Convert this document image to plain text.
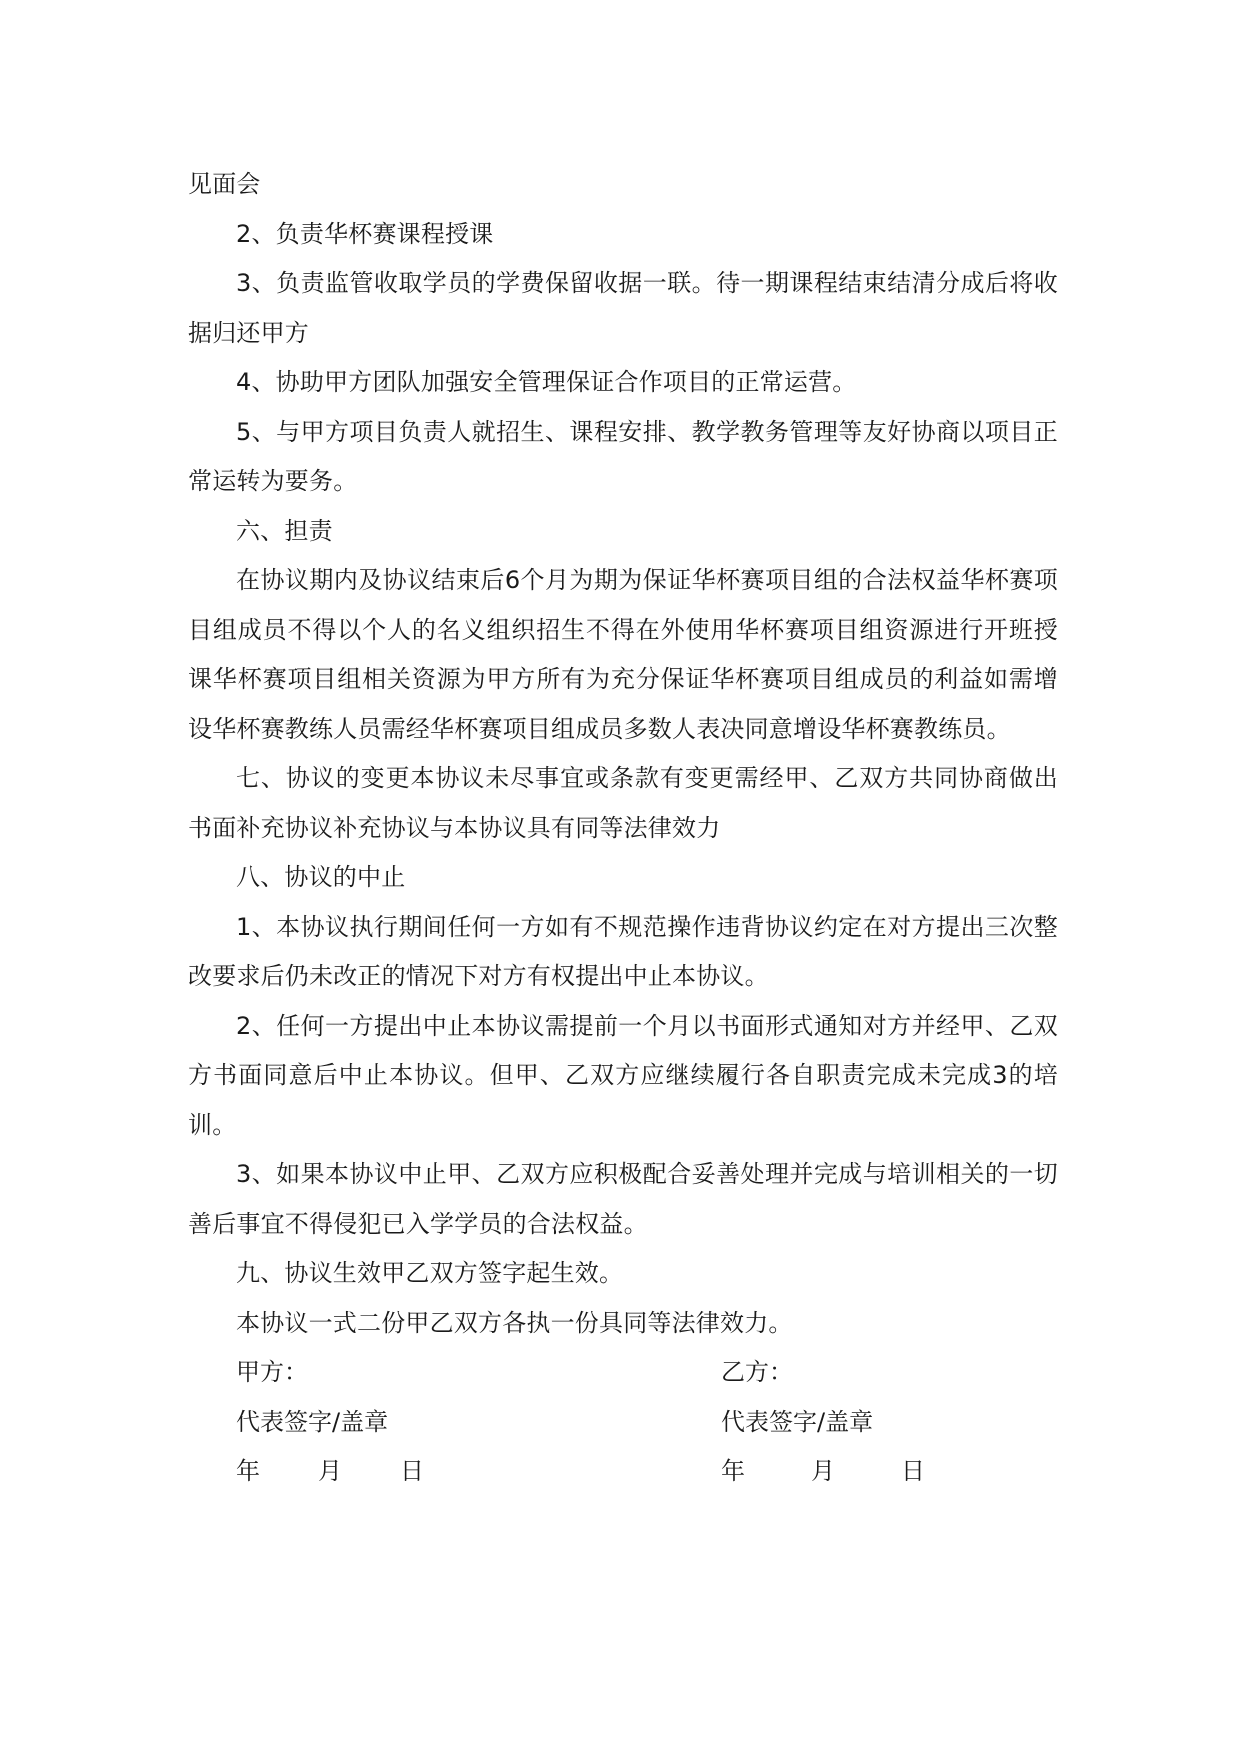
见面会

2、负责华杯赛课程授课

3、负责监管收取学员的学费保留收据一联。待一期课程结束结清分成后将收据归还甲方

4、协助甲方团队加强安全管理保证合作项目的正常运营。

5、与甲方项目负责人就招生、课程安排、教学教务管理等友好协商以项目正常运转为要务。

六、担责

在协议期内及协议结束后6个月为期为保证华杯赛项目组的合法权益华杯赛项目组成员不得以个人的名义组织招生不得在外使用华杯赛项目组资源进行开班授课华杯赛项目组相关资源为甲方所有为充分保证华杯赛项目组成员的利益如需增设华杯赛教练人员需经华杯赛项目组成员多数人表决同意增设华杯赛教练员。

七、协议的变更本协议未尽事宜或条款有变更需经甲、乙双方共同协商做出书面补充协议补充协议与本协议具有同等法律效力

八、协议的中止

1、本协议执行期间任何一方如有不规范操作违背协议约定在对方提出三次整改要求后仍未改正的情况下对方有权提出中止本协议。

2、任何一方提出中止本协议需提前一个月以书面形式通知对方并经甲、乙双方书面同意后中止本协议。但甲、乙双方应继续履行各自职责完成未完成3的培训。

3、如果本协议中止甲、乙双方应积极配合妥善处理并完成与培训相关的一切善后事宜不得侵犯已入学学员的合法权益。

九、协议生效甲乙双方签字起生效。

本协议一式二份甲乙双方各执一份具同等法律效力。

甲方：	乙方：
代表签字/盖章	代表签字/盖章
年 月 日	年	月	日
